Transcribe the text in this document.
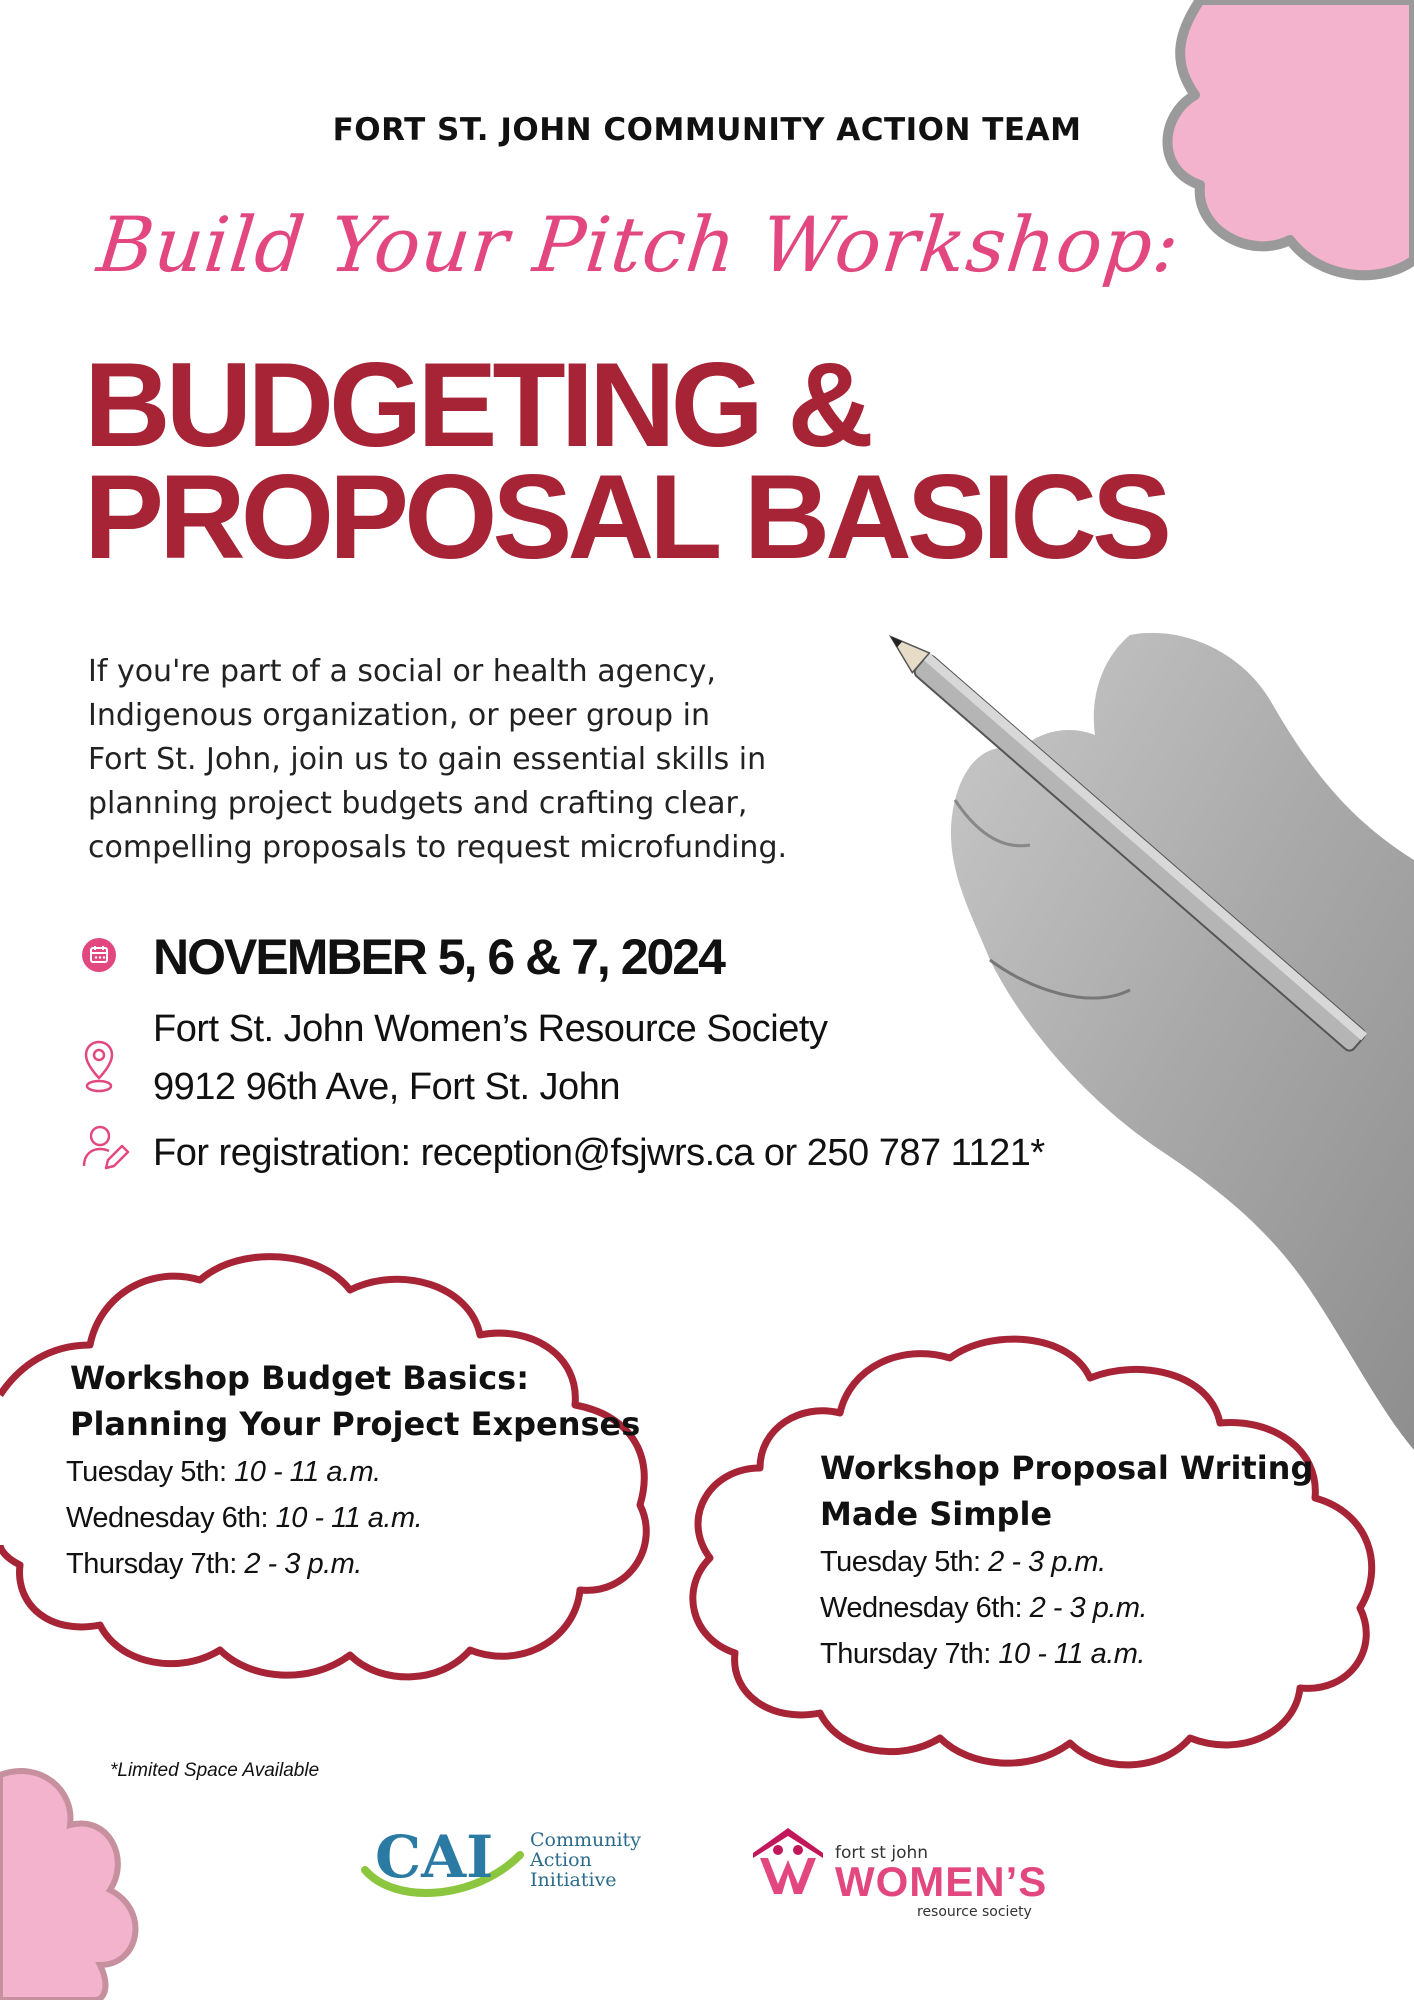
FORT ST. JOHN COMMUNITY ACTION TEAM
Build Your Pitch Workshop:
BUDGETING &
PROPOSAL BASICS

If you're part of a social or health agency,

Indigenous organization, or peer group in

Fort St. John, join us to gain essential skills in

planning project budgets and crafting clear,

compelling proposals to request microfunding.

NOVEMBER 5, 6 & 7, 2024
Fort St. John Women’s Resource Society
9912 96th Ave, Fort St. John
For registration: reception@fsjwrs.ca or 250 787 1121*
Workshop Budget Basics:
Planning Your Project Expenses
Tuesday 5th: 10 - 11 a.m.
Wednesday 6th: 10 - 11 a.m.
Thursday 7th: 2 - 3 p.m.
Workshop Proposal Writing
Made Simple
Tuesday 5th: 2 - 3 p.m.
Wednesday 6th: 2 - 3 p.m.
Thursday 7th: 10 - 11 a.m.
*Limited Space Available
CAI Community
Action
Initiative
fort st john
WOMEN’S
resource society
